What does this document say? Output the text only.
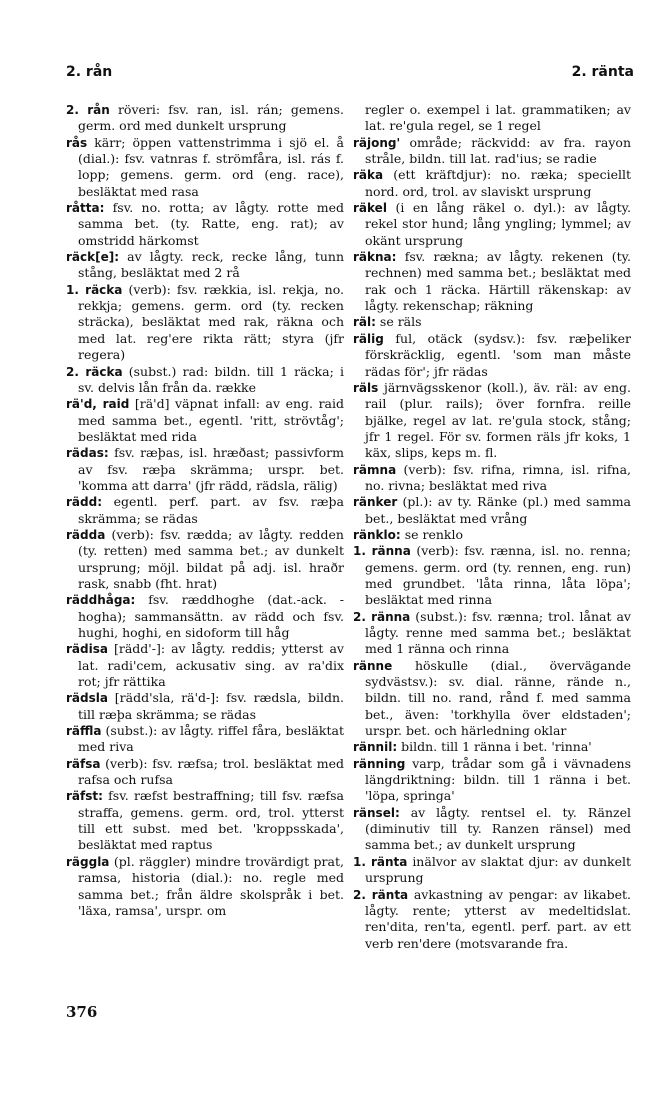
2. rån	2. ränta

2. rån röveri: fsv. ran, isl. rán; gemens. germ. ord med dunkelt ursprung

rås kärr; öppen vattenstrimma i sjö el. å (dial.): fsv. vatnras f. strömfåra, isl. rás f. lopp; gemens. germ. ord (eng. race), besläktat med rasa

råtta: fsv. no. rotta; av lågty. rotte med samma bet. (ty. Ratte, eng. rat); av omstridd härkomst

räck[e]: av lågty. reck, recke lång, tunn stång, besläktat med 2 rå

1. räcka (verb): fsv. rækkia, isl. rekja, no. rekkja; gemens. germ. ord (ty. recken sträcka), besläktat med rak, räkna och med lat. reg'ere rikta rätt; styra (jfr regera)

2. räcka (subst.) rad: bildn. till 1 räcka; i sv. delvis lån från da. række

rä'd, raid [rä'd] väpnat infall: av eng. raid med samma bet., egentl. 'ritt, strövtåg'; besläktat med rida

rädas: fsv. ræþas, isl. hræðast; passivform av fsv. ræþa skrämma; urspr. bet. 'komma att darra' (jfr rädd, rädsla, rälig)

rädd: egentl. perf. part. av fsv. ræþa skrämma; se rädas

rädda (verb): fsv. rædda; av lågty. redden (ty. retten) med samma bet.; av dunkelt ursprung; möjl. bildat på adj. isl. hraðr rask, snabb (fht. hrat)

räddhåga: fsv. ræddhoghe (dat.-ack. -hogha); sammansättn. av rädd och fsv. hughi, hoghi, en sidoform till håg

rädisa [rädd'-]: av lågty. reddis; ytterst av lat. radi'cem, ackusativ sing. av ra'dix rot; jfr rättika

rädsla [rädd'sla, rä'd-]: fsv. rædsla, bildn. till ræþa skrämma; se rädas

räffla (subst.): av lågty. riffel fåra, besläktat med riva

räfsa (verb): fsv. ræfsa; trol. besläktat med rafsa och rufsa

räfst: fsv. ræfst bestraffning; till fsv. ræfsa straffa, gemens. germ. ord, trol. ytterst till ett subst. med bet. 'kroppsskada', besläktat med raptus

räggla (pl. räggler) mindre trovärdigt prat, ramsa, historia (dial.): no. regle med samma bet.; från äldre skolspråk i bet. 'läxa, ramsa', urspr. om

regler o. exempel i lat. grammatiken; av lat. re'gula regel, se 1 regel

räjong' område; räckvidd: av fra. rayon stråle, bildn. till lat. rad'ius; se radie

räka (ett kräftdjur): no. ræka; speciellt nord. ord, trol. av slaviskt ursprung

räkel (i en lång räkel o. dyl.): av lågty. rekel stor hund; lång yngling; lymmel; av okänt ursprung

räkna: fsv. rækna; av lågty. rekenen (ty. rechnen) med samma bet.; besläktat med rak och 1 räcka. Härtill räkenskap: av lågty. rekenschap; räkning

räl: se räls

rälig ful, otäck (sydsv.): fsv. ræþeliker förskräcklig, egentl. 'som man måste rädas för'; jfr rädas

räls järnvägsskenor (koll.), äv. räl: av eng. rail (plur. rails); över fornfra. reille bjälke, regel av lat. re'gula stock, stång; jfr 1 regel. För sv. formen räls jfr koks, 1 käx, slips, keps m. fl.

rämna (verb): fsv. rifna, rimna, isl. rifna, no. rivna; besläktat med riva

ränker (pl.): av ty. Ränke (pl.) med samma bet., besläktat med vrång

ränklo: se renklo

1. ränna (verb): fsv. rænna, isl. no. renna; gemens. germ. ord (ty. rennen, eng. run) med grundbet. 'låta rinna, låta löpa'; besläktat med rinna

2. ränna (subst.): fsv. rænna; trol. lånat av lågty. renne med samma bet.; besläktat med 1 ränna och rinna

ränne höskulle (dial., övervägande sydvästsv.): sv. dial. ränne, rände n., bildn. till no. rand, rånd f. med samma bet., även: 'torkhylla över eldstaden'; urspr. bet. och härledning oklar

rännil: bildn. till 1 ränna i bet. 'rinna'

ränning varp, trådar som gå i vävnadens längdriktning: bildn. till 1 ränna i bet. 'löpa, springa'

ränsel: av lågty. rentsel el. ty. Ränzel (diminutiv till ty. Ranzen ränsel) med samma bet.; av dunkelt ursprung

1. ränta inälvor av slaktat djur: av dunkelt ursprung

2. ränta avkastning av pengar: av likabet. lågty. rente; ytterst av medeltidslat. ren'dita, ren'ta, egentl. perf. part. av ett verb ren'dere (motsvarande fra.

376
